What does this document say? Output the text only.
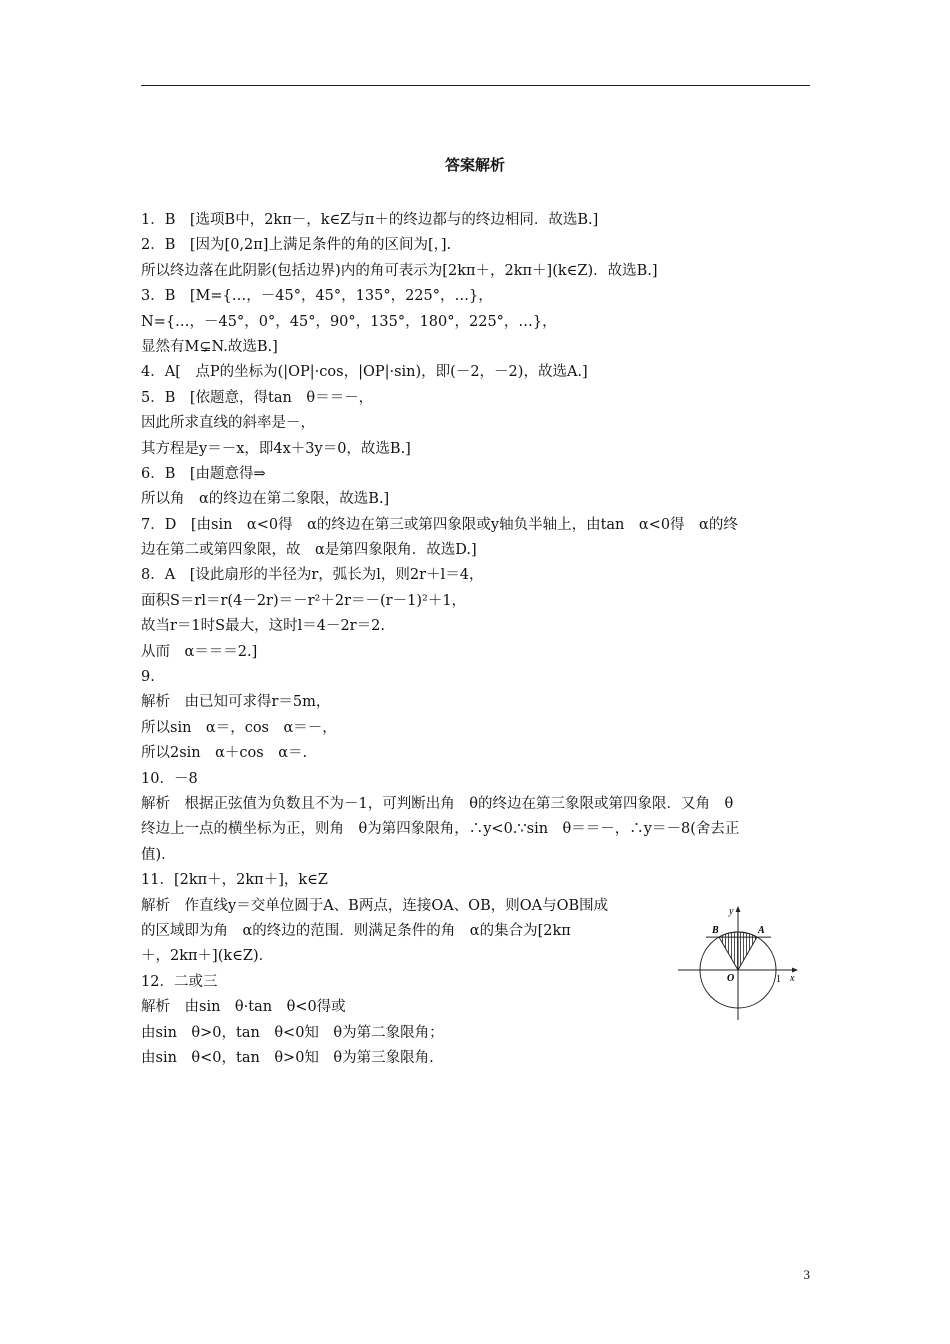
答案解析
1．B　[选项B中，2kπ－，k∈Z与π＋的终边都与的终边相同．故选B.]
2．B　[因为[0,2π]上满足条件的角的区间为[，].
所以终边落在此阴影(包括边界)内的角可表示为[2kπ＋，2kπ＋](k∈Z)．故选B.]
3．B　[M={…，－45°，45°，135°，225°，…}，
N={…，－45°，0°，45°，90°，135°，180°，225°，…}，
显然有M⊊N.故选B.]
4．A[　点P的坐标为(|OP|·cos，|OP|·sin)，即(－2，－2)，故选A.]
5．B　[依题意，得tan　θ＝＝－，
因此所求直线的斜率是－，
其方程是y＝－x，即4x＋3y＝0，故选B.]
6．B　[由题意得⇒
所以角　α的终边在第二象限，故选B.]
7．D　[由sin　α<0得　α的终边在第三或第四象限或y轴负半轴上，由tan　α<0得　α的终
边在第二或第四象限，故　α是第四象限角．故选D.]
8．A　[设此扇形的半径为r，弧长为l，则2r＋l＝4，
面积S＝rl＝r(4－2r)＝－r²＋2r＝－(r－1)²＋1，
故当r＝1时S最大，这时l＝4－2r＝2.
从而　α＝＝＝2.]
9.
解析　由已知可求得r＝5m，
所以sin　α＝，cos　α＝－，
所以2sin　α＋cos　α＝.
10．－8
解析　根据正弦值为负数且不为－1，可判断出角　θ的终边在第三象限或第四象限．又角　θ
终边上一点的横坐标为正，则角　θ为第四象限角，∴y<0.∵sin　θ＝＝－，∴y＝－8(舍去正
值)．
11．[2kπ＋，2kπ＋]，k∈Z
解析　作直线y＝交单位圆于A、B两点，连接OA、OB，则OA与OB围成
的区域即为角　α的终边的范围．则满足条件的角　α的集合为[2kπ
＋，2kπ＋](k∈Z)．
12．二或三
解析　由sin　θ·tan　θ<0得或
由sin　θ>0，tan　θ<0知　θ为第二象限角；
由sin　θ<0，tan　θ>0知　θ为第三象限角.
y
x
B	A
O	1
3
